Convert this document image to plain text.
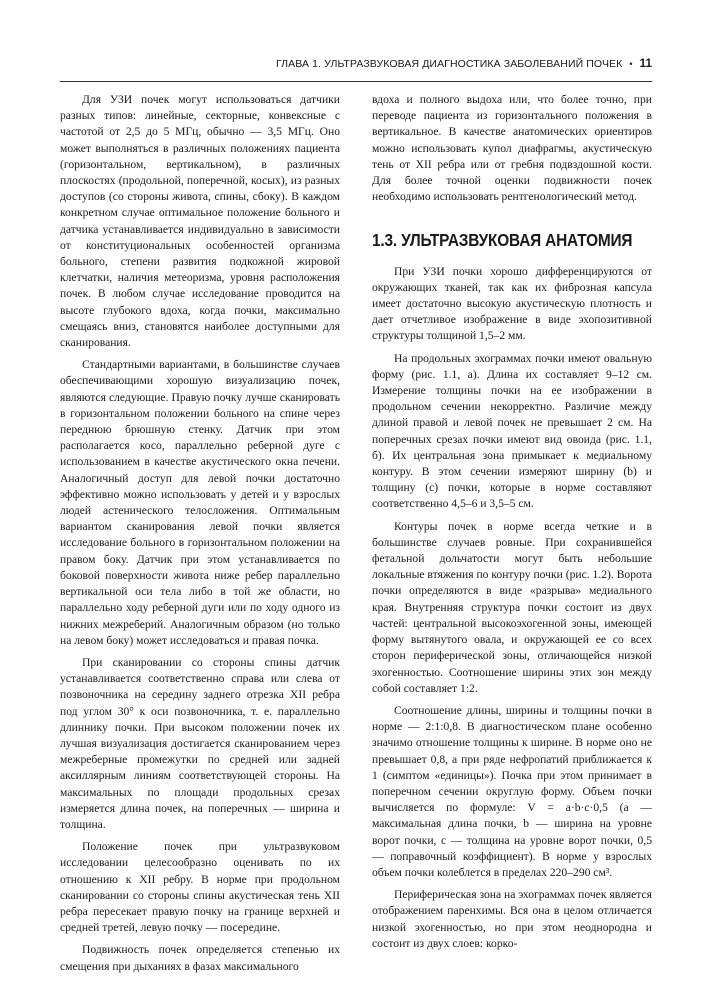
ГЛАВА 1. УЛЬТРАЗВУКОВАЯ ДИАГНОСТИКА ЗАБОЛЕВАНИЙ ПОЧЕК • 11

Для УЗИ почек могут использоваться датчики разных типов: линейные, секторные, конвексные с частотой от 2,5 до 5 МГц, обычно — 3,5 МГц. Оно может выполняться в различных положениях пациента (горизонтальном, вертикальном), в различных плоскостях (продольной, поперечной, косых), из разных доступов (со стороны живота, спины, сбоку). В каждом конкретном случае оптимальное положение больного и датчика устанавливается индивидуально в зависимости от конституциональных особенностей организма больного, степени развития подкожной жировой клетчатки, наличия метеоризма, уровня расположения почек. В любом случае исследование проводится на высоте глубокого вдоха, когда почки, максимально смещаясь вниз, становятся наиболее доступными для сканирования.

Стандартными вариантами, в большинстве случаев обеспечивающими хорошую визуализацию почек, являются следующие. Правую почку лучше сканировать в горизонтальном положении больного на спине через переднюю брюшную стенку. Датчик при этом располагается косо, параллельно реберной дуге с использованием в качестве акустического окна печени. Аналогичный доступ для левой почки достаточно эффективно можно использовать у детей и у взрослых людей астенического телосложения. Оптимальным вариантом сканирования левой почки является исследование больного в горизонтальном положении на правом боку. Датчик при этом устанавливается по боковой поверхности живота ниже ребер параллельно вертикальной оси тела либо в той же области, но параллельно ходу реберной дуги или по ходу одного из нижних межреберий. Аналогичным образом (но только на левом боку) может исследоваться и правая почка.

При сканировании со стороны спины датчик устанавливается соответственно справа или слева от позвоночника на середину заднего отрезка XII ребра под углом 30° к оси позвоночника, т. е. параллельно длиннику почки. При высоком положении почек их лучшая визуализация достигается сканированием через межреберные промежутки по средней или задней аксиллярным линиям соответствующей стороны. На максимальных по площади продольных срезах измеряется длина почек, на поперечных — ширина и толщина.

Положение почек при ультразвуковом исследовании целесообразно оценивать по их отношению к XII ребру. В норме при продольном сканировании со стороны спины акустическая тень XII ребра пересекает правую почку на границе верхней и средней третей, левую почку — посередине.

Подвижность почек определяется степенью их смещения при дыханиях в фазах максимального

вдоха и полного выдоха или, что более точно, при переводе пациента из горизонтального положения в вертикальное. В качестве анатомических ориентиров можно использовать купол диафрагмы, акустическую тень от XII ребра или от гребня подвздошной кости. Для более точной оценки подвижности почек необходимо использовать рентгенологический метод.

1.3. УЛЬТРАЗВУКОВАЯ АНАТОМИЯ

При УЗИ почки хорошо дифференцируются от окружающих тканей, так как их фиброзная капсула имеет достаточно высокую акустическую плотность и дает отчетливое изображение в виде эхопозитивной структуры толщиной 1,5–2 мм.

На продольных эхограммах почки имеют овальную форму (рис. 1.1, а). Длина их составляет 9–12 см. Измерение толщины почки на ее изображении в продольном сечении некорректно. Различие между длиной правой и левой почек не превышает 2 см. На поперечных срезах почки имеют вид овоида (рис. 1.1, б). Их центральная зона примыкает к медиальному контуру. В этом сечении измеряют ширину (b) и толщину (c) почки, которые в норме составляют соответственно 4,5–6 и 3,5–5 см.

Контуры почек в норме всегда четкие и в большинстве случаев ровные. При сохранившейся фетальной дольчатости могут быть небольшие локальные втяжения по контуру почки (рис. 1.2). Ворота почки определяются в виде «разрыва» медиального края. Внутренняя структура почки состоит из двух частей: центральной высокоэхогенной зоны, имеющей форму вытянутого овала, и окружающей ее со всех сторон периферической зоны, отличающейся низкой эхогенностью. Соотношение ширины этих зон между собой составляет 1:2.

Соотношение длины, ширины и толщины почки в норме — 2:1:0,8. В диагностическом плане особенно значимо отношение толщины к ширине. В норме оно не превышает 0,8, а при ряде нефропатий приближается к 1 (симптом «единицы»). Почка при этом принимает в поперечном сечении округлую форму. Объем почки вычисляется по формуле: V = a·b·c·0,5 (a — максимальная длина почки, b — ширина на уровне ворот почки, c — толщина на уровне ворот почки, 0,5 — поправочный коэффициент). В норме у взрослых объем почки колеблется в пределах 220–290 см³.

Периферическая зона на эхограммах почек является отображением паренхимы. Вся она в целом отличается низкой эхогенностью, но при этом неоднородна и состоит из двух слоев: корко-
